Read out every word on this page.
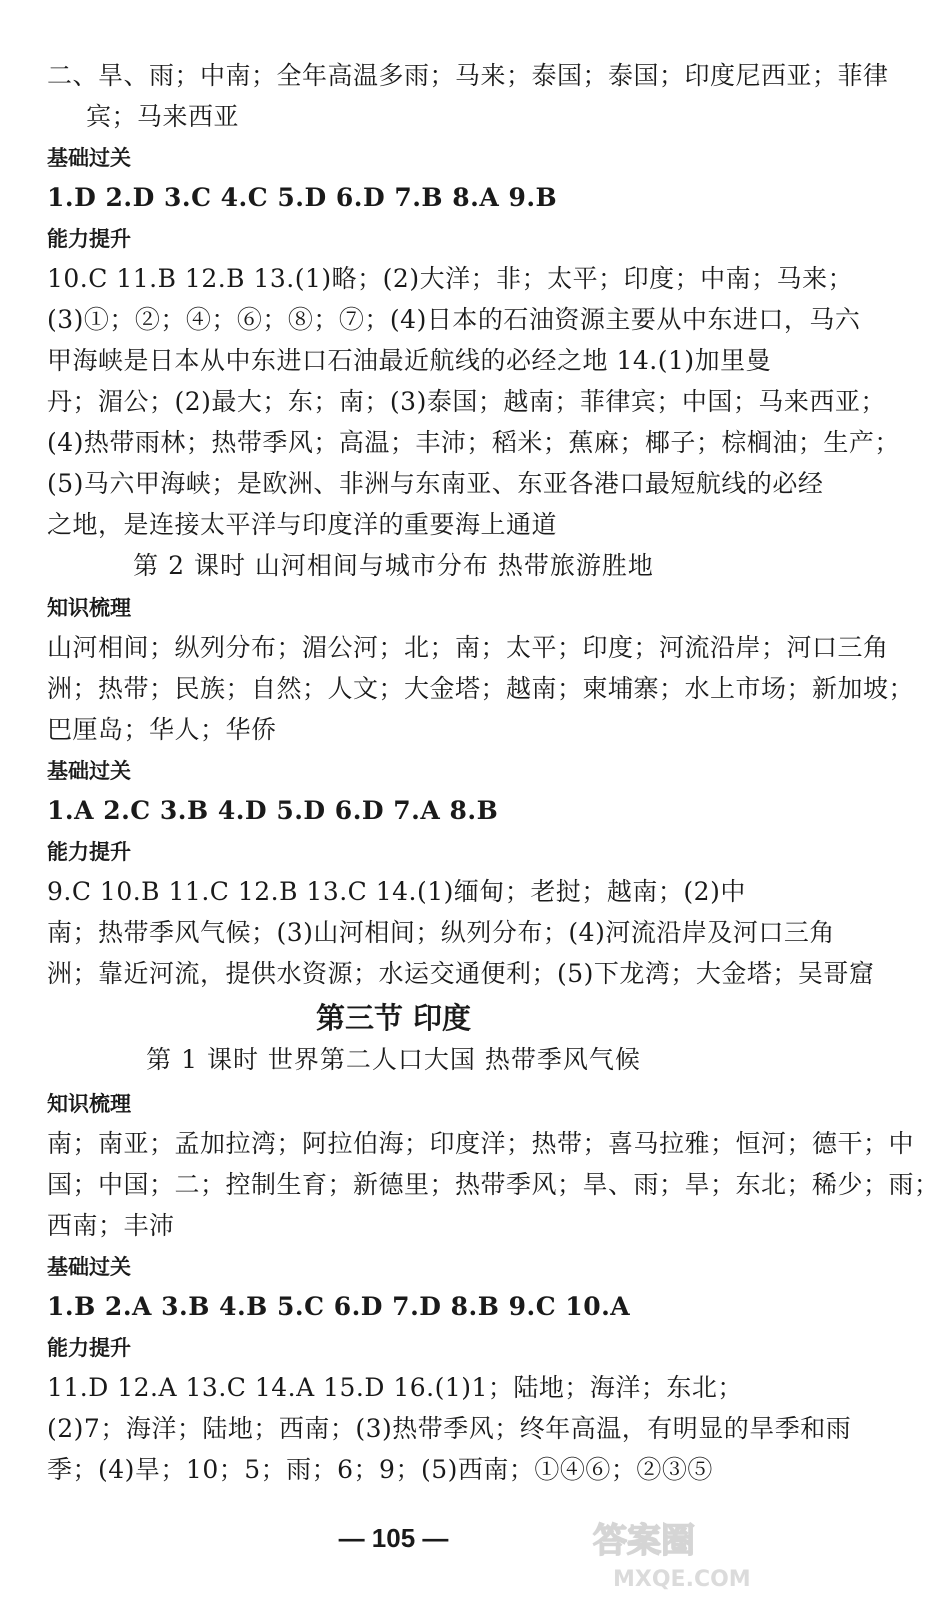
二、旱、雨；中南；全年高温多雨；马来；泰国；泰国；印度尼西亚；菲律
宾；马来西亚
基础过关
1.D 2.D 3.C 4.C 5.D 6.D 7.B 8.A 9.B
能力提升
10.C 11.B 12.B 13.(1)略；(2)大洋；非；太平；印度；中南；马来；
(3)①；②；④；⑥；⑧；⑦；(4)日本的石油资源主要从中东进口，马六
甲海峡是日本从中东进口石油最近航线的必经之地 14.(1)加里曼
丹；湄公；(2)最大；东；南；(3)泰国；越南；菲律宾；中国；马来西亚；
(4)热带雨林；热带季风；高温；丰沛；稻米；蕉麻；椰子；棕榈油；生产；
(5)马六甲海峡；是欧洲、非洲与东南亚、东亚各港口最短航线的必经
之地，是连接太平洋与印度洋的重要海上通道
第 2 课时 山河相间与城市分布 热带旅游胜地
知识梳理
山河相间；纵列分布；湄公河；北；南；太平；印度；河流沿岸；河口三角
洲；热带；民族；自然；人文；大金塔；越南；柬埔寨；水上市场；新加坡；
巴厘岛；华人；华侨
基础过关
1.A 2.C 3.B 4.D 5.D 6.D 7.A 8.B
能力提升
9.C 10.B 11.C 12.B 13.C 14.(1)缅甸；老挝；越南；(2)中
南；热带季风气候；(3)山河相间；纵列分布；(4)河流沿岸及河口三角
洲；靠近河流，提供水资源；水运交通便利；(5)下龙湾；大金塔；吴哥窟
第三节 印度
第 1 课时 世界第二人口大国 热带季风气候
知识梳理
南；南亚；孟加拉湾；阿拉伯海；印度洋；热带；喜马拉雅；恒河；德干；中
国；中国；二；控制生育；新德里；热带季风；旱、雨；旱；东北；稀少；雨；
西南；丰沛
基础过关
1.B 2.A 3.B 4.B 5.C 6.D 7.D 8.B 9.C 10.A
能力提升
11.D 12.A 13.C 14.A 15.D 16.(1)1；陆地；海洋；东北；
(2)7；海洋；陆地；西南；(3)热带季风；终年高温，有明显的旱季和雨
季；(4)旱；10；5；雨；6；9；(5)西南；①④⑥；②③⑤
— 105 —	答案圈
MXQE.COM
